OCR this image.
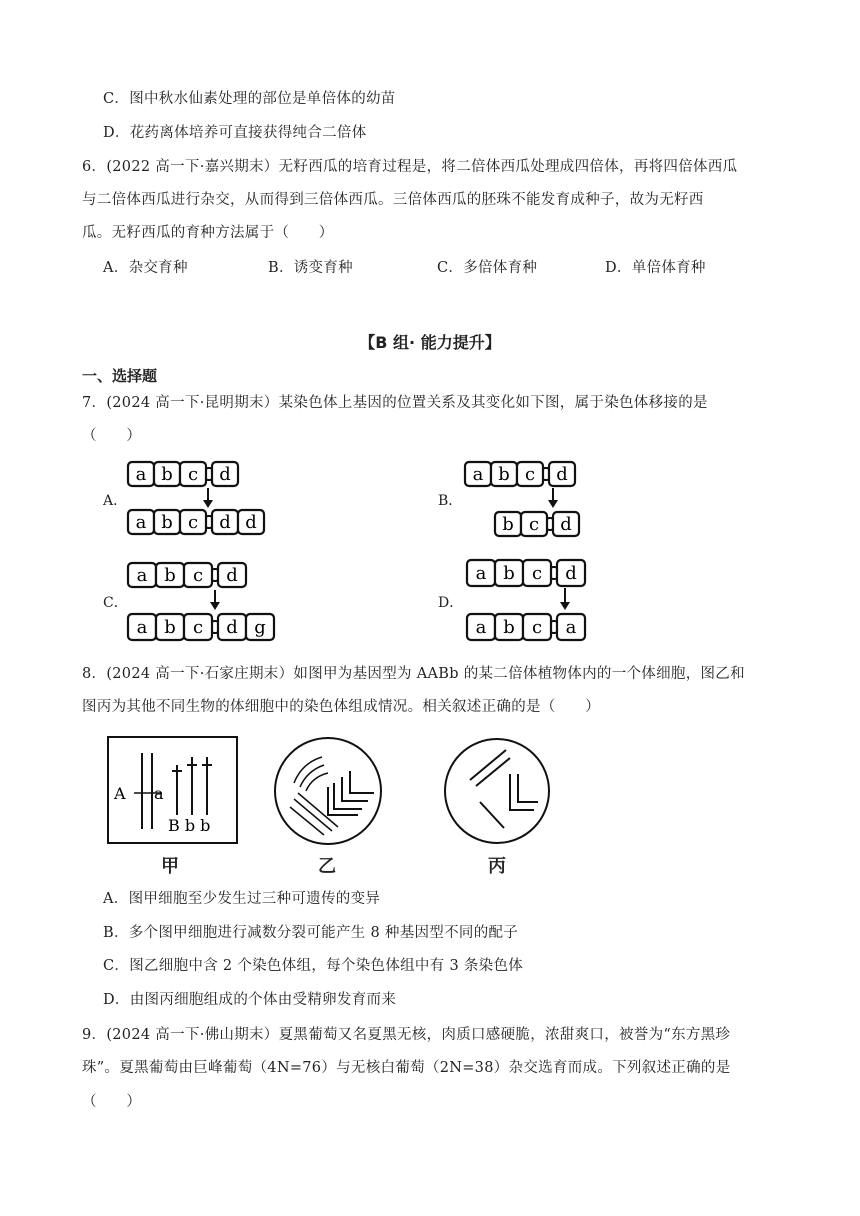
C．图中秋水仙素处理的部位是单倍体的幼苗
D．花药离体培养可直接获得纯合二倍体
6．(2022 高一下·嘉兴期末）无籽西瓜的培育过程是，将二倍体西瓜处理成四倍体，再将四倍体西瓜
与二倍体西瓜进行杂交，从而得到三倍体西瓜。三倍体西瓜的胚珠不能发育成种子，故为无籽西
瓜。无籽西瓜的育种方法属于（　　）
A．杂交育种	B．诱变育种	C．多倍体育种	D．单倍体育种
【B 组· 能力提升】
一、选择题
7．(2024 高一下·昆明期末）某染色体上基因的位置关系及其变化如下图，属于染色体移接的是
（　　）
A．	B．
C．	D．
a b c d
a b c d d
a b c d
b c d
a b c d
a b c d g
a b c d
a b c a
8．(2024 高一下·石家庄期末）如图甲为基因型为 AABb 的某二倍体植物体内的一个体细胞，图乙和
图丙为其他不同生物的体细胞中的染色体组成情况。相关叙述正确的是（　　）
A a
B b b
甲	乙	丙
A．图甲细胞至少发生过三种可遗传的变异
B．多个图甲细胞进行减数分裂可能产生 8 种基因型不同的配子
C．图乙细胞中含 2 个染色体组，每个染色体组中有 3 条染色体
D．由图丙细胞组成的个体由受精卵发育而来
9．(2024 高一下·佛山期末）夏黑葡萄又名夏黑无核，肉质口感硬脆，浓甜爽口，被誉为“东方黑珍
珠”。夏黑葡萄由巨峰葡萄（4N=76）与无核白葡萄（2N=38）杂交选育而成。下列叙述正确的是
（　　）
